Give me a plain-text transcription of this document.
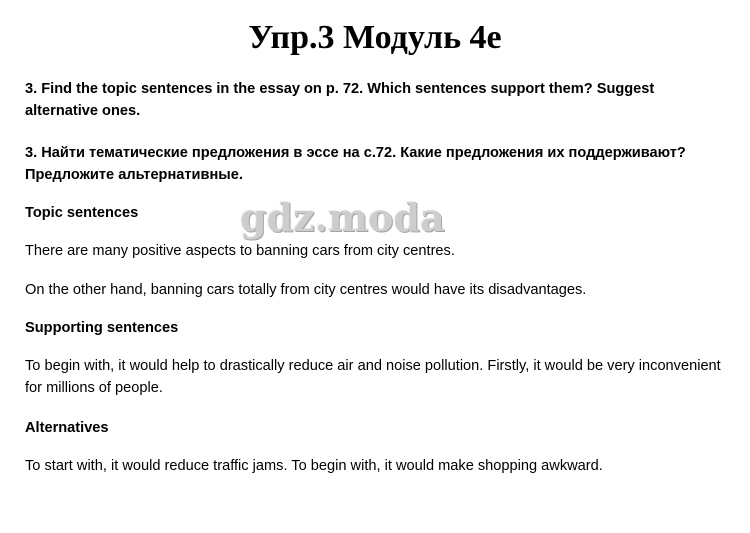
Упр.3 Модуль 4е

3. Find the topic sentences in the essay on p. 72. Which sentences support them? Suggest alternative ones.

3. Найти тематические предложения в эссе на с.72. Какие предложения их поддерживают? Предложите альтернативные.

Topic sentences	gdz.moda

There are many positive aspects to banning cars from city centres.

On the other hand, banning cars totally from city centres would have its disadvantages.

Supporting sentences

To begin with, it would help to drastically reduce air and noise pollution. Firstly, it would be very inconvenient for millions of people.

Alternatives

To start with, it would reduce traffic jams. To begin with, it would make shopping awkward.
